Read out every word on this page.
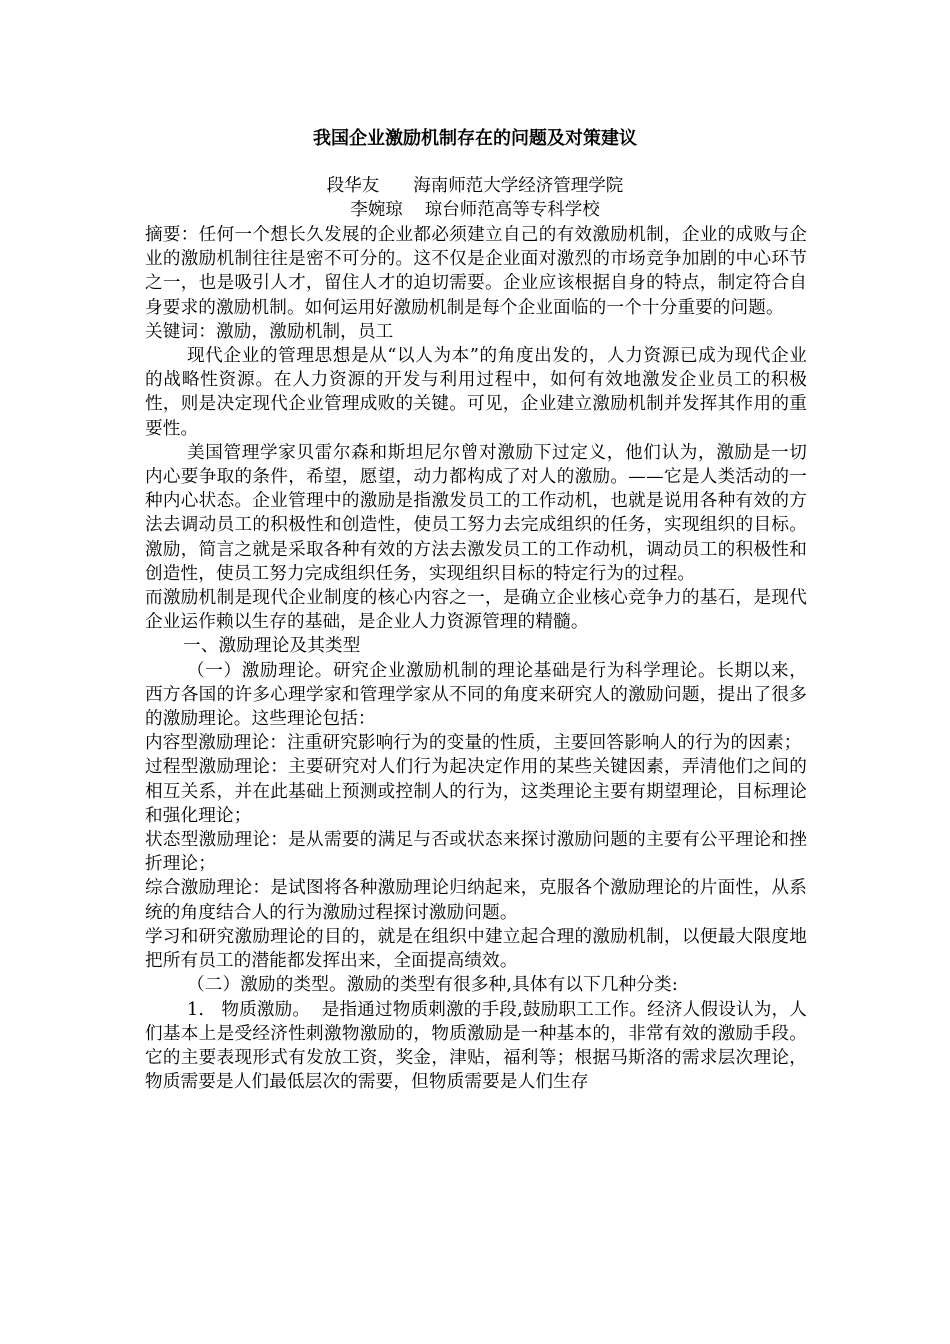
我国企业激励机制存在的问题及对策建议
段华友 海南师范大学经济管理学院
李婉琼 琼台师范高等专科学校

摘要：任何一个想长久发展的企业都必须建立自己的有效激励机制，企业的成败与企业的激励机制往往是密不可分的。这不仅是企业面对激烈的市场竞争加剧的中心环节之一，也是吸引人才，留住人才的迫切需要。企业应该根据自身的特点，制定符合自身要求的激励机制。如何运用好激励机制是每个企业面临的一个十分重要的问题。

关键词：激励，激励机制，员工

现代企业的管理思想是从“以人为本”的角度出发的，人力资源已成为现代企业的战略性资源。在人力资源的开发与利用过程中，如何有效地激发企业员工的积极性，则是决定现代企业管理成败的关键。可见，企业建立激励机制并发挥其作用的重要性。

美国管理学家贝雷尔森和斯坦尼尔曾对激励下过定义，他们认为，激励是一切内心要争取的条件，希望，愿望，动力都构成了对人的激励。——它是人类活动的一种内心状态。企业管理中的激励是指激发员工的工作动机，也就是说用各种有效的方法去调动员工的积极性和创造性，使员工努力去完成组织的任务，实现组织的目标。激励，简言之就是采取各种有效的方法去激发员工的工作动机，调动员工的积极性和创造性，使员工努力完成组织任务，实现组织目标的特定行为的过程。

而激励机制是现代企业制度的核心内容之一，是确立企业核心竞争力的基石，是现代企业运作赖以生存的基础，是企业人力资源管理的精髓。

一、激励理论及其类型

（一）激励理论。研究企业激励机制的理论基础是行为科学理论。长期以来，西方各国的许多心理学家和管理学家从不同的角度来研究人的激励问题，提出了很多的激励理论。这些理论包括：

内容型激励理论：注重研究影响行为的变量的性质，主要回答影响人的行为的因素；

过程型激励理论：主要研究对人们行为起决定作用的某些关键因素，弄清他们之间的相互关系，并在此基础上预测或控制人的行为，这类理论主要有期望理论，目标理论和强化理论；

状态型激励理论：是从需要的满足与否或状态来探讨激励问题的主要有公平理论和挫折理论；

综合激励理论：是试图将各种激励理论归纳起来，克服各个激励理论的片面性，从系统的角度结合人的行为激励过程探讨激励问题。

学习和研究激励理论的目的，就是在组织中建立起合理的激励机制，以便最大限度地把所有员工的潜能都发挥出来，全面提高绩效。

（二）激励的类型。激励的类型有很多种,具体有以下几种分类:

1.   物质激励。  是指通过物质刺激的手段,鼓励职工工作。经济人假设认为，人们基本上是受经济性刺激物激励的，物质激励是一种基本的，非常有效的激励手段。它的主要表现形式有发放工资，奖金，津贴，福利等；根据马斯洛的需求层次理论，物质需要是人们最低层次的需要，但物质需要是人们生存
